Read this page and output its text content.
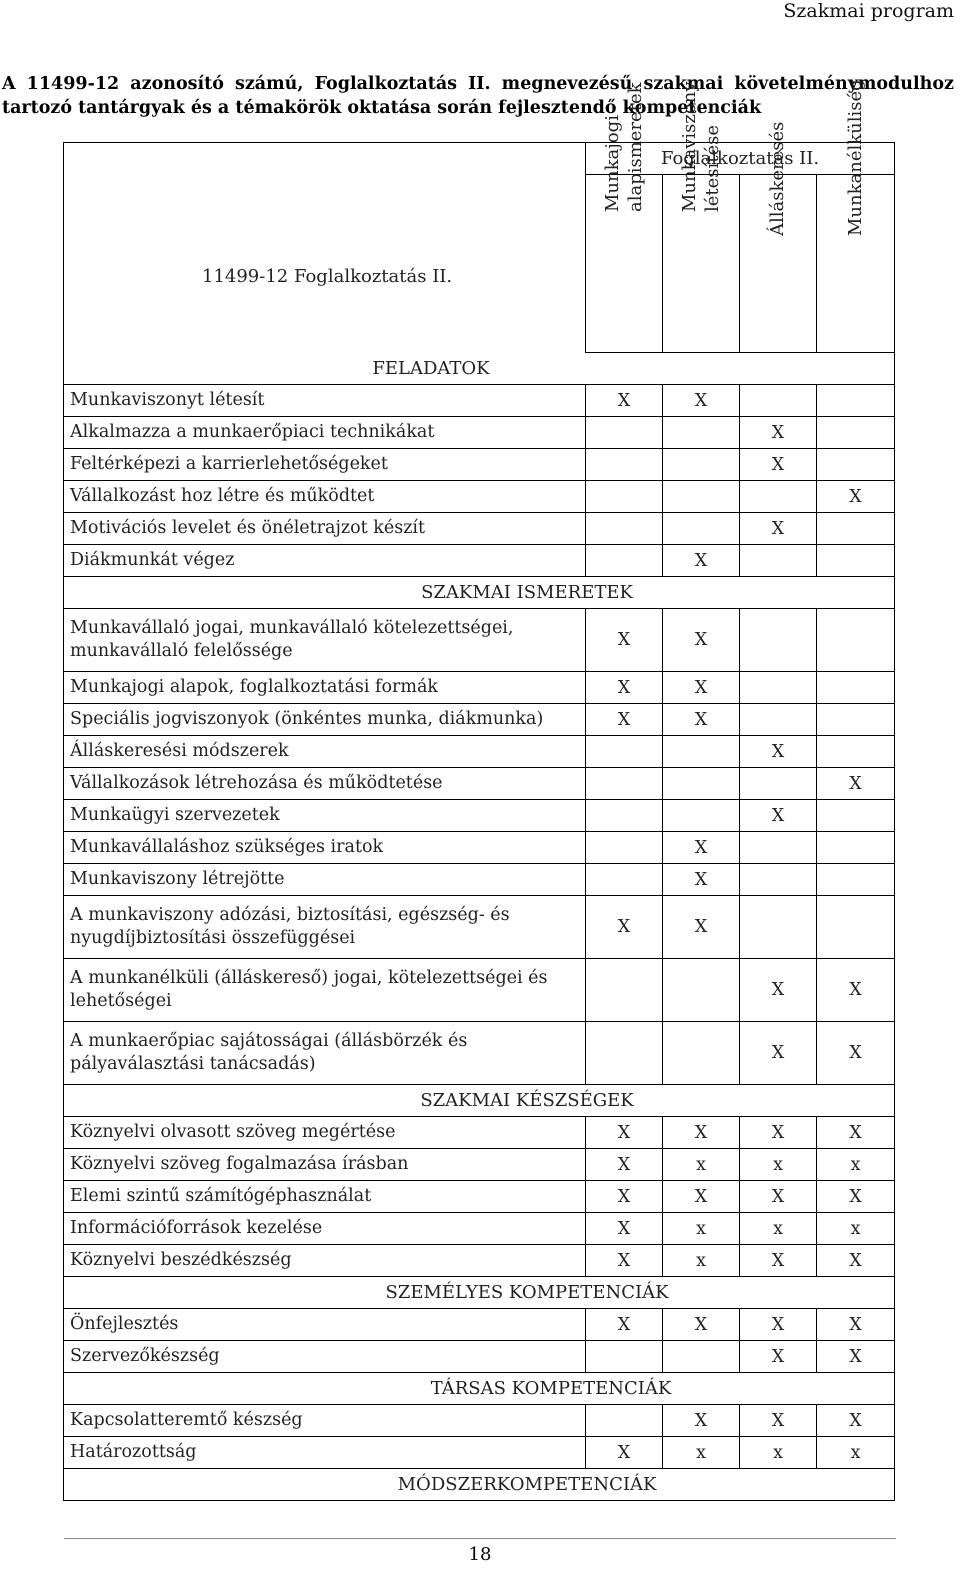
Szakmai program
A 11499-12 azonosító számú, Foglalkoztatás II. megnevezésű szakmai követelménymodulhoz tartozó tantárgyak és a témakörök oktatása során fejlesztendő kompetenciák
11499-12 Foglalkoztatás II.	Foglalkoztatás II.			

	Munkajogi alapismeretek	Munkaviszony létesítése	Álláskeresés	Munkanélküliség

FELADATOK				
Munkaviszonyt létesít	X	X		
Alkalmazza a munkaerőpiaci technikákat			X	
Feltérképezi a karrierlehetőségeket			X	
Vállalkozást hoz létre és működtet				X
Motivációs levelet és önéletrajzot készít			X	
Diákmunkát végez		X		
SZAKMAI ISMERETEK				
Munkavállaló jogai, munkavállaló kötelezettségei, munkavállaló felelőssége	X	X		
Munkajogi alapok, foglalkoztatási formák	X	X		
Speciális jogviszonyok (önkéntes munka, diákmunka)	X	X		
Álláskeresési módszerek			X	
Vállalkozások létrehozása és működtetése				X
Munkaügyi szervezetek			X	
Munkavállaláshoz szükséges iratok		X		
Munkaviszony létrejötte		X		
A munkaviszony adózási, biztosítási, egészség- és nyugdíjbiztosítási összefüggései	X	X		
A munkanélküli (álláskereső) jogai, kötelezettségei és lehetőségei			X	X
A munkaerőpiac sajátosságai (állásbörzék és pályaválasztási tanácsadás)			X	X
SZAKMAI KÉSZSÉGEK				
Köznyelvi olvasott szöveg megértése	X	X	X	X
Köznyelvi szöveg fogalmazása írásban	X	x	x	x
Elemi szintű számítógéphasználat	X	X	X	X
Információforrások kezelése	X	x	x	x
Köznyelvi beszédkészség	X	x	X	X
SZEMÉLYES KOMPETENCIÁK				
Önfejlesztés	X	X	X	X
Szervezőkészség			X	X
TÁRSAS KOMPETENCIÁK				
Kapcsolatteremtő készség		X	X	X
Határozottság	X	x	x	x
MÓDSZERKOMPETENCIÁK				
18
